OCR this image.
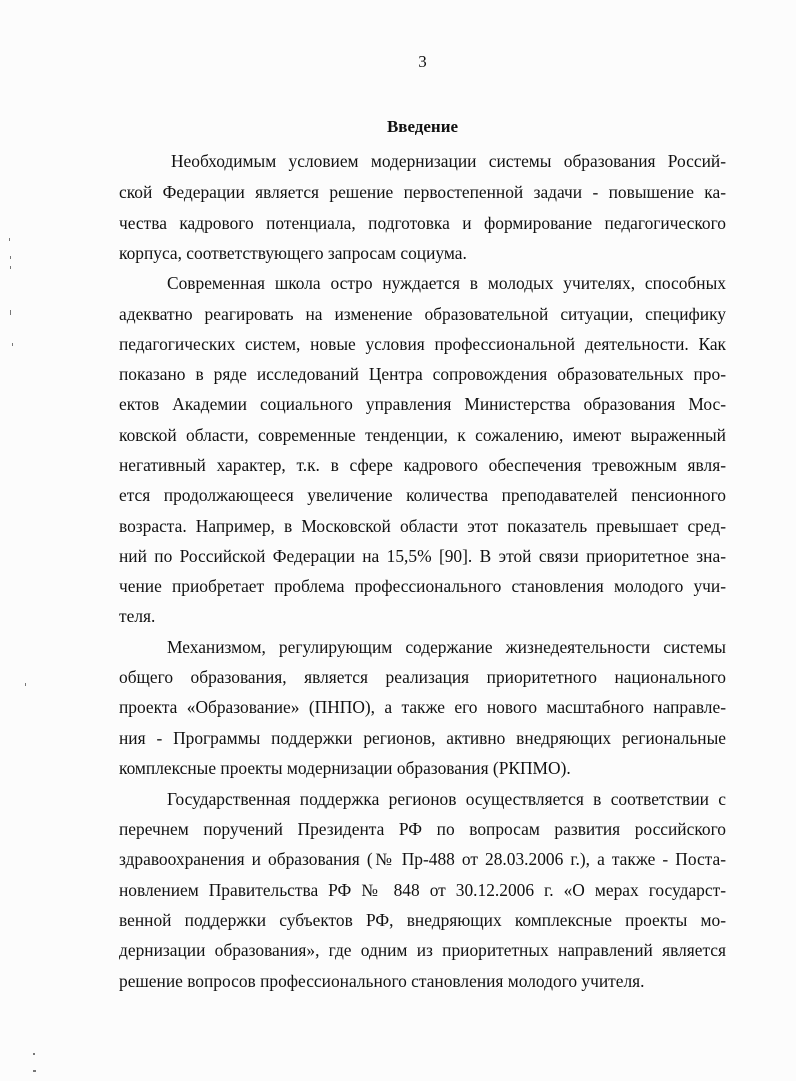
3
Введение
Необходимым условием модернизации системы образования Россий-
ской Федерации является решение первостепенной задачи - повышение ка-
чества кадрового потенциала, подготовка и формирование педагогического
корпуса, соответствующего запросам социума.
Современная школа остро нуждается в молодых учителях, способных
адекватно реагировать на изменение образовательной ситуации, специфику
педагогических систем, новые условия профессиональной деятельности. Как
показано в ряде исследований Центра сопровождения образовательных про-
ектов Академии социального управления Министерства образования Мос-
ковской области, современные тенденции, к сожалению, имеют выраженный
негативный характер, т.к. в сфере кадрового обеспечения тревожным явля-
ется продолжающееся увеличение количества преподавателей пенсионного
возраста. Например, в Московской области этот показатель превышает сред-
ний по Российской Федерации на 15,5% [90]. В этой связи приоритетное зна-
чение приобретает проблема профессионального становления молодого учи-
теля.
Механизмом, регулирующим содержание жизнедеятельности системы
общего образования, является реализация приоритетного национального
проекта «Образование» (ПНПО), а также его нового масштабного направле-
ния - Программы поддержки регионов, активно внедряющих региональные
комплексные проекты модернизации образования (РКПМО).
Государственная поддержка регионов осуществляется в соответствии с
перечнем поручений Президента РФ по вопросам развития российского
здравоохранения и образования (№ Пр-488 от 28.03.2006 г.), а также - Поста-
новлением Правительства РФ № 848 от 30.12.2006 г. «О мерах государст-
венной поддержки субъектов РФ, внедряющих комплексные проекты мо-
дернизации образования», где одним из приоритетных направлений является
решение вопросов профессионального становления молодого учителя.
